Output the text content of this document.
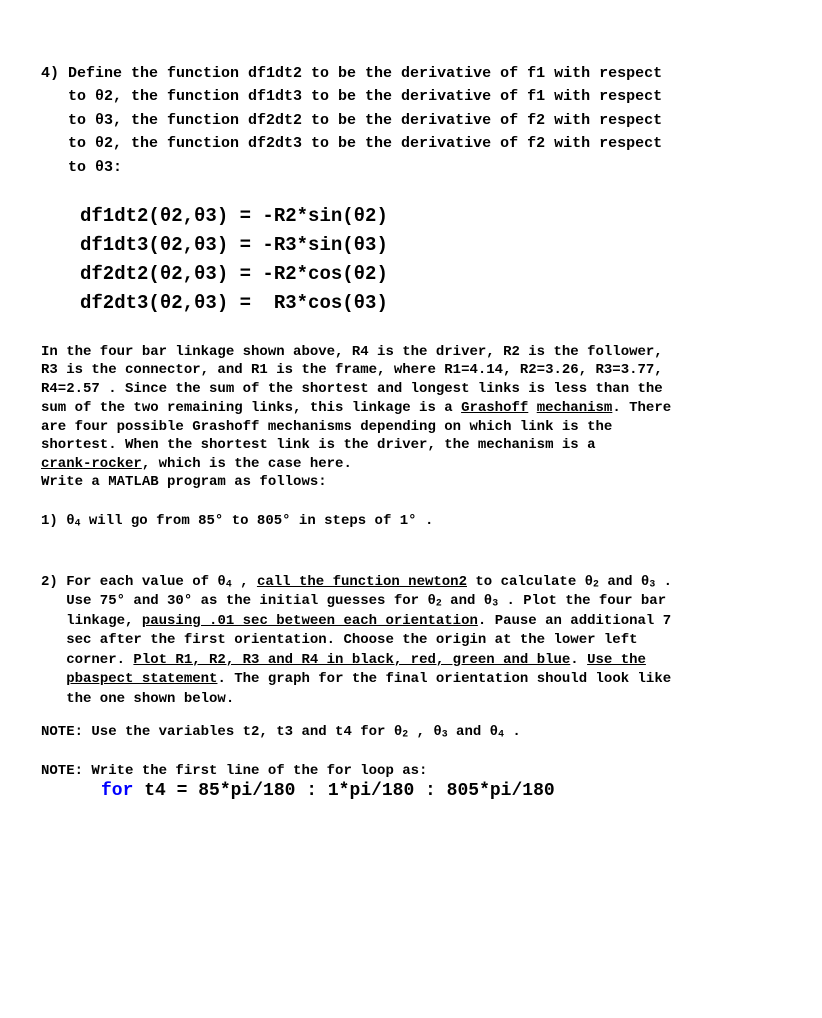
4) Define the function df1dt2 to be the derivative of f1 with respect
to θ2, the function df1dt3 to be the derivative of f1 with respect
to θ3, the function df2dt2 to be the derivative of f2 with respect
to θ2, the function df2dt3 to be the derivative of f2 with respect
to θ3:

df1dt2(θ2,θ3) = -R2*sin(θ2)
df1dt3(θ2,θ3) = -R3*sin(θ3)
df2dt2(θ2,θ3) = -R2*cos(θ2)
df2dt3(θ2,θ3) =  R3*cos(θ3)

In the four bar linkage shown above, R4 is the driver, R2 is the follower,
R3 is the connector, and R1 is the frame, where R1=4.14, R2=3.26, R3=3.77,
R4=2.57 . Since the sum of the shortest and longest links is less than the
sum of the two remaining links, this linkage is a Grashoff mechanism. There
are four possible Grashoff mechanisms depending on which link is the
shortest. When the shortest link is the driver, the mechanism is a
crank-rocker, which is the case here.
Write a MATLAB program as follows:
1) $\theta_4$ will go from 85° to 805° in steps of 1° .

2) For each value of $\theta_4$ , call the function newton2 to calculate $\theta_2$ and $\theta_3$ .
Use 75° and 30° as the initial guesses for $\theta_2$ and $\theta_3$ . Plot the four bar
linkage, pausing .01 sec between each orientation. Pause an additional 7
sec after the first orientation. Choose the origin at the lower left
corner. Plot R1, R2, R3 and R4 in black, red, green and blue. Use the
pbaspect statement. The graph for the final orientation should look like
the one shown below.
NOTE: Use the variables t2, t3 and t4 for $\theta_2$ , $\theta_3$ and $\theta_4$ .
NOTE: Write the first line of the for loop as:
for t4 = 85*pi/180 : 1*pi/180 : 805*pi/180
